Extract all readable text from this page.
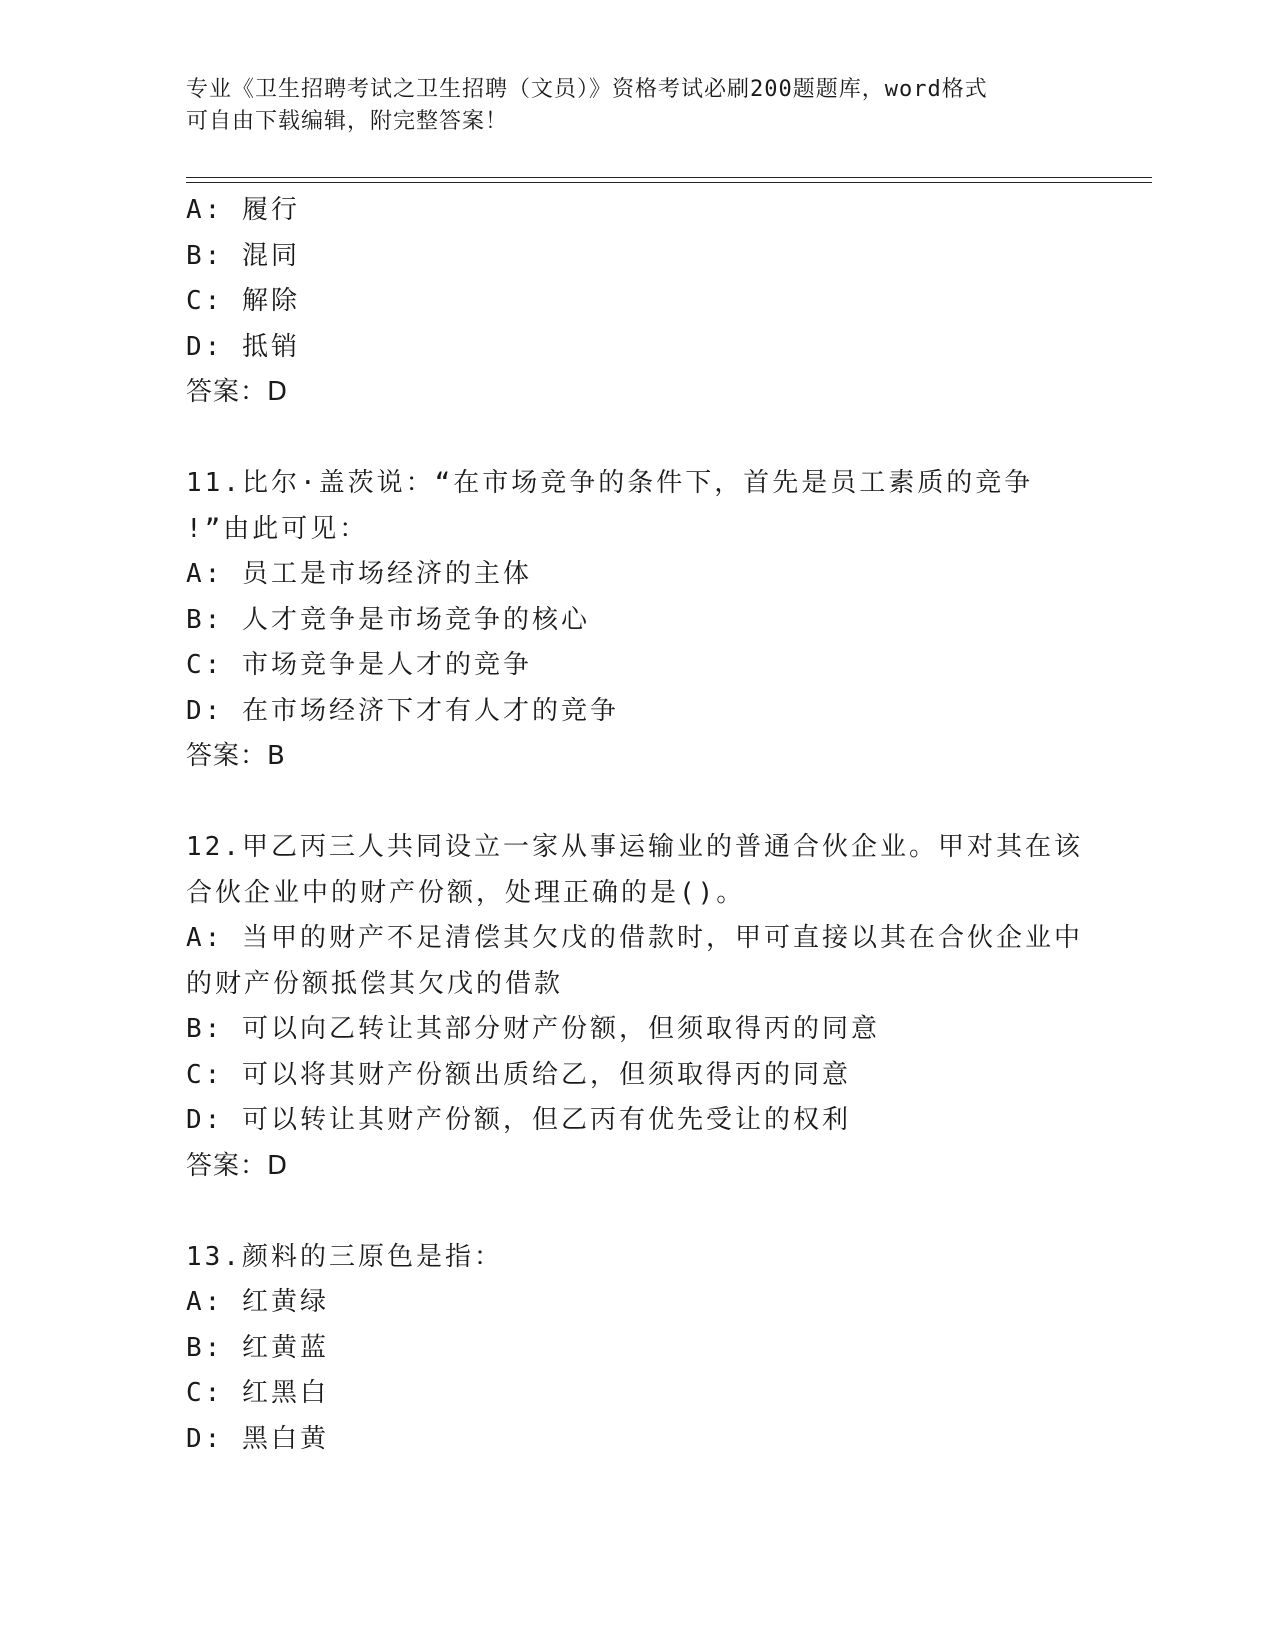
专业《卫生招聘考试之卫生招聘（文员）》资格考试必刷200题题库，word格式
可自由下载编辑，附完整答案！
A: 履行
B: 混同
C: 解除
D: 抵销
答案：D
11.比尔·盖茨说：“在市场竞争的条件下，首先是员工素质的竞争
!”由此可见：
A: 员工是市场经济的主体
B: 人才竞争是市场竞争的核心
C: 市场竞争是人才的竞争
D: 在市场经济下才有人才的竞争
答案：B
12.甲乙丙三人共同设立一家从事运输业的普通合伙企业。甲对其在该
合伙企业中的财产份额，处理正确的是()。
A: 当甲的财产不足清偿其欠戊的借款时，甲可直接以其在合伙企业中
的财产份额抵偿其欠戊的借款
B: 可以向乙转让其部分财产份额，但须取得丙的同意
C: 可以将其财产份额出质给乙，但须取得丙的同意
D: 可以转让其财产份额，但乙丙有优先受让的权利
答案：D
13.颜料的三原色是指：
A: 红黄绿
B: 红黄蓝
C: 红黑白
D: 黑白黄
